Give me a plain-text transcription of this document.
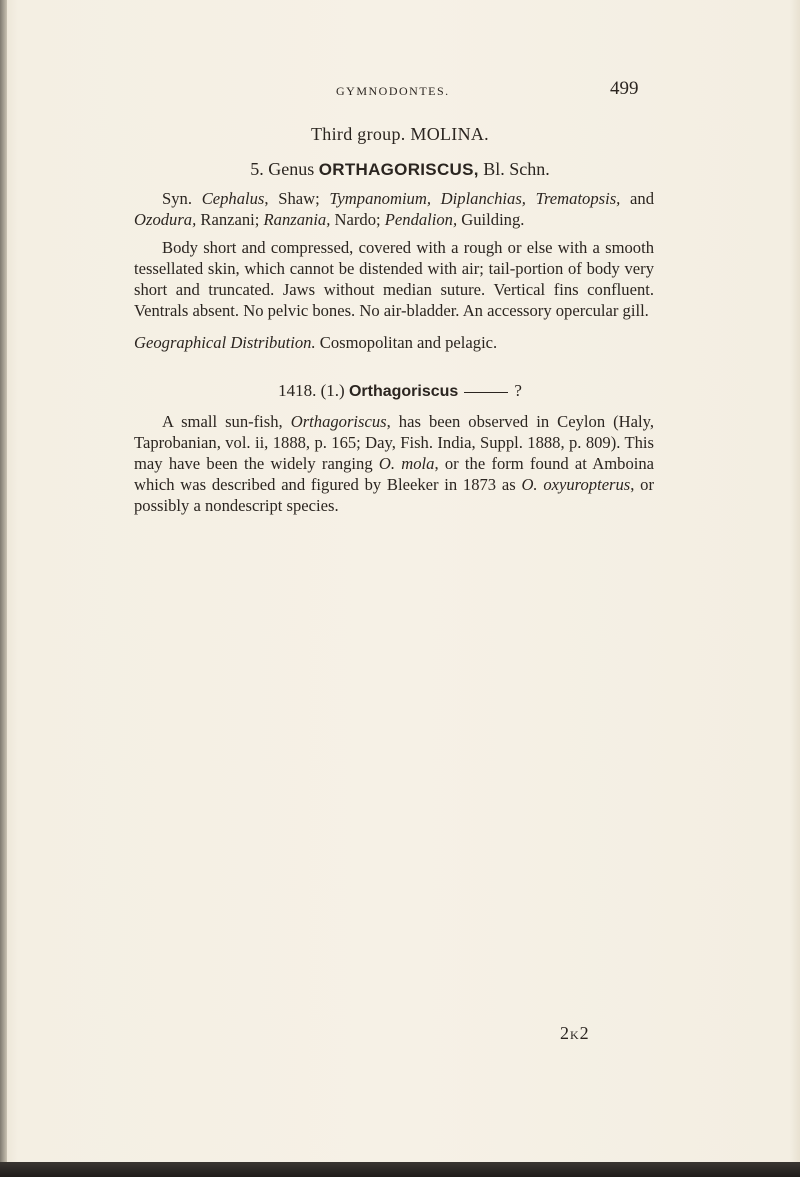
GYMNODONTES.	499
Third group. MOLINA.
5. Genus ORTHAGORISCUS, Bl. Schn.

Syn. Cephalus, Shaw; Tympanomium, Diplanchias, Trematopsis, and Ozodura, Ranzani; Ranzania, Nardo; Pendalion, Guilding.

Body short and compressed, covered with a rough or else with a smooth tessellated skin, which cannot be distended with air; tail-portion of body very short and truncated. Jaws without median suture. Vertical fins confluent. Ventrals absent. No pelvic bones. No air-bladder. An accessory opercular gill.

Geographical Distribution. Cosmopolitan and pelagic.

1418. (1.) Orthagoriscus	?

A small sun-fish, Orthagoriscus, has been observed in Ceylon (Haly, Taprobanian, vol. ii, 1888, p. 165; Day, Fish. India, Suppl. 1888, p. 809). This may have been the widely ranging O. mola, or the form found at Amboina which was described and figured by Bleeker in 1873 as O. oxyuropterus, or possibly a nondescript species.

2K2
